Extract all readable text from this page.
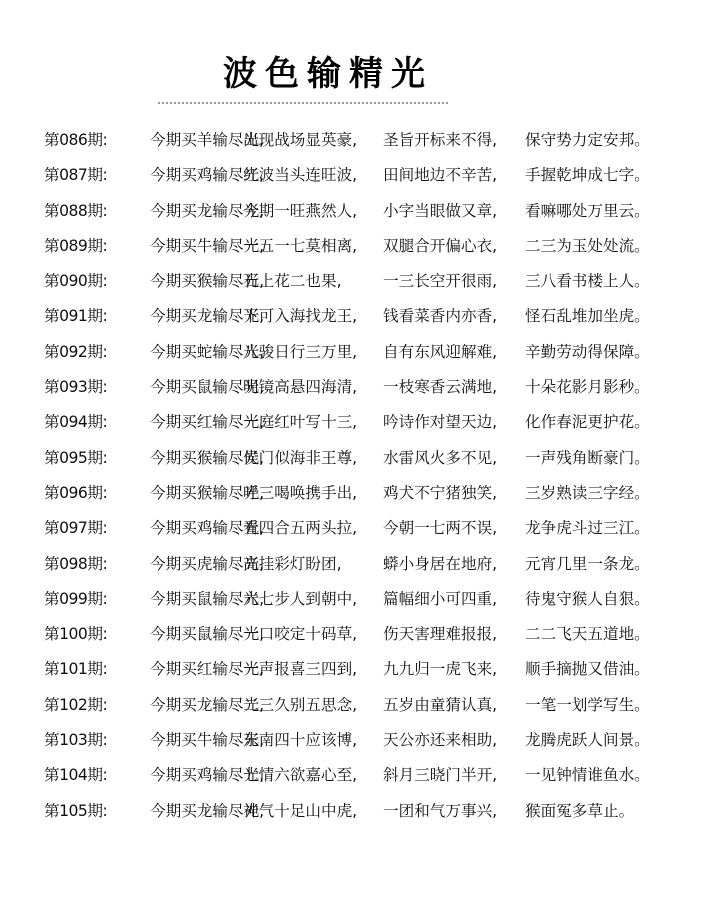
波色输精光
第086期:	今期买羊输尽光,出现战场显英豪, 圣旨开标来不得, 保守势力定安邦。
第087期:	今期买鸡输尽光,红波当头连旺波, 田间地边不辛苦, 手握乾坤成七字。
第088期:	今期买龙输尽光,今期一旺燕然人, 小字当眼做又章, 看嘛哪处万里云。
第089期:	今期买牛输尽光,一五一七莫相离, 双腿合开偏心衣, 二三为玉处处流。
第090期:	今期买猴输尽光,石上花二也果,	一三长空开很雨, 三八看书楼上人。
第091期:	今期买龙输尽光,下可入海找龙王, 钱看菜香内亦香, 怪石乱堆加坐虎。
第092期:	今期买蛇输尽光,八骏日行三万里, 自有东风迎解难, 辛勤劳动得保障。
第093期:	今期买鼠输尽光,明镜高悬四海清, 一枝寒香云满地, 十朵花影月影秒。
第094期:	今期买红输尽光,一庭红叶写十三, 吟诗作对望天边, 化作春泥更护花。
第095期:	今期买猴输尽光,侯门似海非王尊, 水雷风火多不见, 一声残角断豪门。
第096期:	今期买猴输尽光,呼三喝唤携手出, 鸡犬不宁猪独笑, 三岁熟读三字经。
第097期:	今期买鸡输尽光,看四合五两头拉, 今朝一七两不误, 龙争虎斗过三江。
第098期:	今期买虎输尽光,高挂彩灯盼团,	蟒小身居在地府, 元宵几里一条龙。
第099期:	今期买鼠输尽光,六七步人到朝中, 篇幅细小可四重, 待鬼守猴人自狠。
第100期:	今期买鼠输尽光,一口咬定十码草, 伤天害理难报报, 二二飞天五道地。
第101期:	今期买红输尽光,一声报喜三四到, 九九归一虎飞来, 顺手摘抛又借油。
第102期:	今期买龙输尽光,二三久别五思念, 五岁由童猜认真, 一笔一划学写生。
第103期:	今期买牛输尽光,东南四十应该博, 天公亦还来相助, 龙腾虎跃人间景。
第104期:	今期买鸡输尽光,七情六欲嘉心至, 斜月三晓门半开, 一见钟情谁鱼水。
第105期:	今期买龙输尽光,神气十足山中虎, 一团和气万事兴, 猴面冤多草止。
